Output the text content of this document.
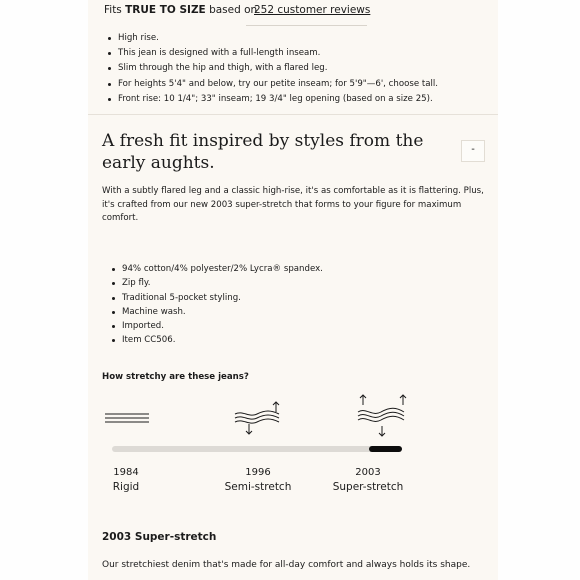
Fits TRUE TO SIZE based on
252 customer reviews
High rise.
This jean is designed with a full-length inseam.
Slim through the hip and thigh, with a flared leg.
For heights 5'4" and below, try our petite inseam; for 5'9"—6', choose tall.
Front rise: 10 1/4"; 33" inseam; 19 3/4" leg opening (based on a size 25).
A fresh fit inspired by styles from the early aughts.
-

With a subtly flared leg and a classic high-rise, it's as comfortable as it is flattering. Plus, it's crafted from our new 2003 super-stretch that forms to your figure for maximum comfort.

94% cotton/4% polyester/2% Lycra® spandex.
Zip fly.
Traditional 5-pocket styling.
Machine wash.
Imported.
Item CC506.
How stretchy are these jeans?
1984
Rigid
1996
Semi-stretch
2003
Super-stretch
2003 Super-stretch
Our stretchiest denim that's made for all-day comfort and always holds its shape.
